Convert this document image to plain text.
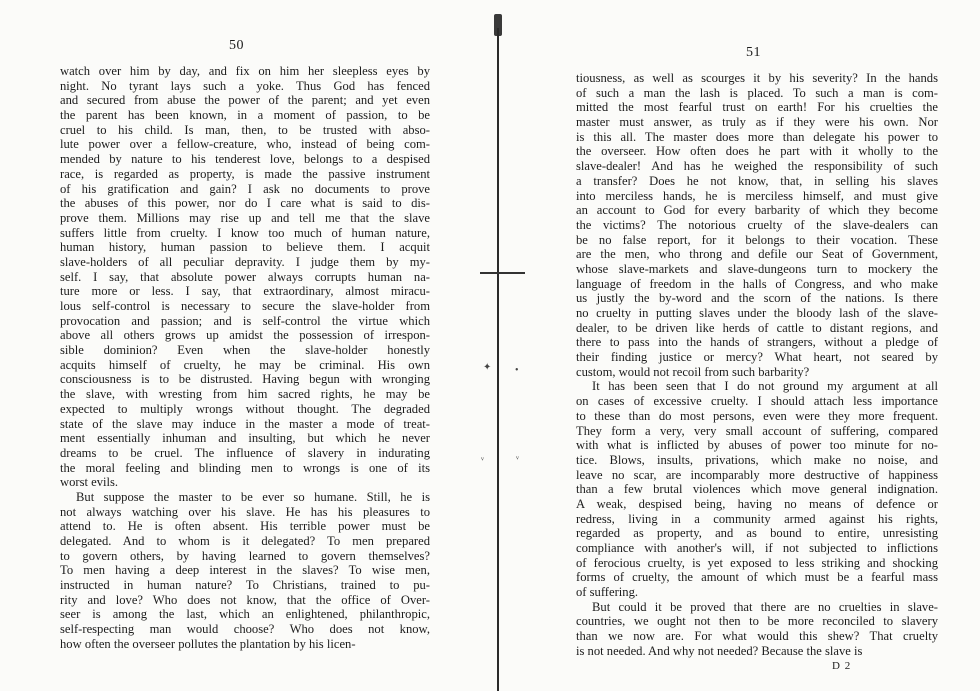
50
watch over him by day, and fix on him her sleepless eyes by
night. No tyrant lays such a yoke. Thus God has fenced
and secured from abuse the power of the parent; and yet even
the parent has been known, in a moment of passion, to be
cruel to his child. Is man, then, to be trusted with abso-
lute power over a fellow-creature, who, instead of being com-
mended by nature to his tenderest love, belongs to a despised
race, is regarded as property, is made the passive instrument
of his gratification and gain? I ask no documents to prove
the abuses of this power, nor do I care what is said to dis-
prove them. Millions may rise up and tell me that the slave
suffers little from cruelty. I know too much of human nature,
human history, human passion to believe them. I acquit
slave-holders of all peculiar depravity. I judge them by my-
self. I say, that absolute power always corrupts human na-
ture more or less. I say, that extraordinary, almost miracu-
lous self-control is necessary to secure the slave-holder from
provocation and passion; and is self-control the virtue which
above all others grows up amidst the possession of irrespon-
sible dominion? Even when the slave-holder honestly
acquits himself of cruelty, he may be criminal. His own
consciousness is to be distrusted. Having begun with wronging
the slave, with wresting from him sacred rights, he may be
expected to multiply wrongs without thought. The degraded
state of the slave may induce in the master a mode of treat-
ment essentially inhuman and insulting, but which he never
dreams to be cruel. The influence of slavery in indurating
the moral feeling and blinding men to wrongs is one of its
worst evils.
But suppose the master to be ever so humane. Still, he is
not always watching over his slave. He has his pleasures to
attend to. He is often absent. His terrible power must be
delegated. And to whom is it delegated? To men prepared
to govern others, by having learned to govern themselves?
To men having a deep interest in the slaves? To wise men,
instructed in human nature? To Christians, trained to pu-
rity and love? Who does not know, that the office of Over-
seer is among the last, which an enlightened, philanthropic,
self-respecting man would choose? Who does not know,
how often the overseer pollutes the plantation by his licen-
✦ •
ᵛ	ᵛ
51
tiousness, as well as scourges it by his severity? In the hands
of such a man the lash is placed. To such a man is com-
mitted the most fearful trust on earth! For his cruelties the
master must answer, as truly as if they were his own. Nor
is this all. The master does more than delegate his power to
the overseer. How often does he part with it wholly to the
slave-dealer! And has he weighed the responsibility of such
a transfer? Does he not know, that, in selling his slaves
into merciless hands, he is merciless himself, and must give
an account to God for every barbarity of which they become
the victims? The notorious cruelty of the slave-dealers can
be no false report, for it belongs to their vocation. These
are the men, who throng and defile our Seat of Government,
whose slave-markets and slave-dungeons turn to mockery the
language of freedom in the halls of Congress, and who make
us justly the by-word and the scorn of the nations. Is there
no cruelty in putting slaves under the bloody lash of the slave-
dealer, to be driven like herds of cattle to distant regions, and
there to pass into the hands of strangers, without a pledge of
their finding justice or mercy? What heart, not seared by
custom, would not recoil from such barbarity?
It has been seen that I do not ground my argument at all
on cases of excessive cruelty. I should attach less importance
to these than do most persons, even were they more frequent.
They form a very, very small account of suffering, compared
with what is inflicted by abuses of power too minute for no-
tice. Blows, insults, privations, which make no noise, and
leave no scar, are incomparably more destructive of happiness
than a few brutal violences which move general indignation.
A weak, despised being, having no means of defence or
redress, living in a community armed against his rights,
regarded as property, and as bound to entire, unresisting
compliance with another's will, if not subjected to inflictions
of ferocious cruelty, is yet exposed to less striking and shocking
forms of cruelty, the amount of which must be a fearful mass
of suffering.
But could it be proved that there are no cruelties in slave-
countries, we ought not then to be more reconciled to slavery
than we now are. For what would this shew? That cruelty
is not needed. And why not needed? Because the slave is
D 2
